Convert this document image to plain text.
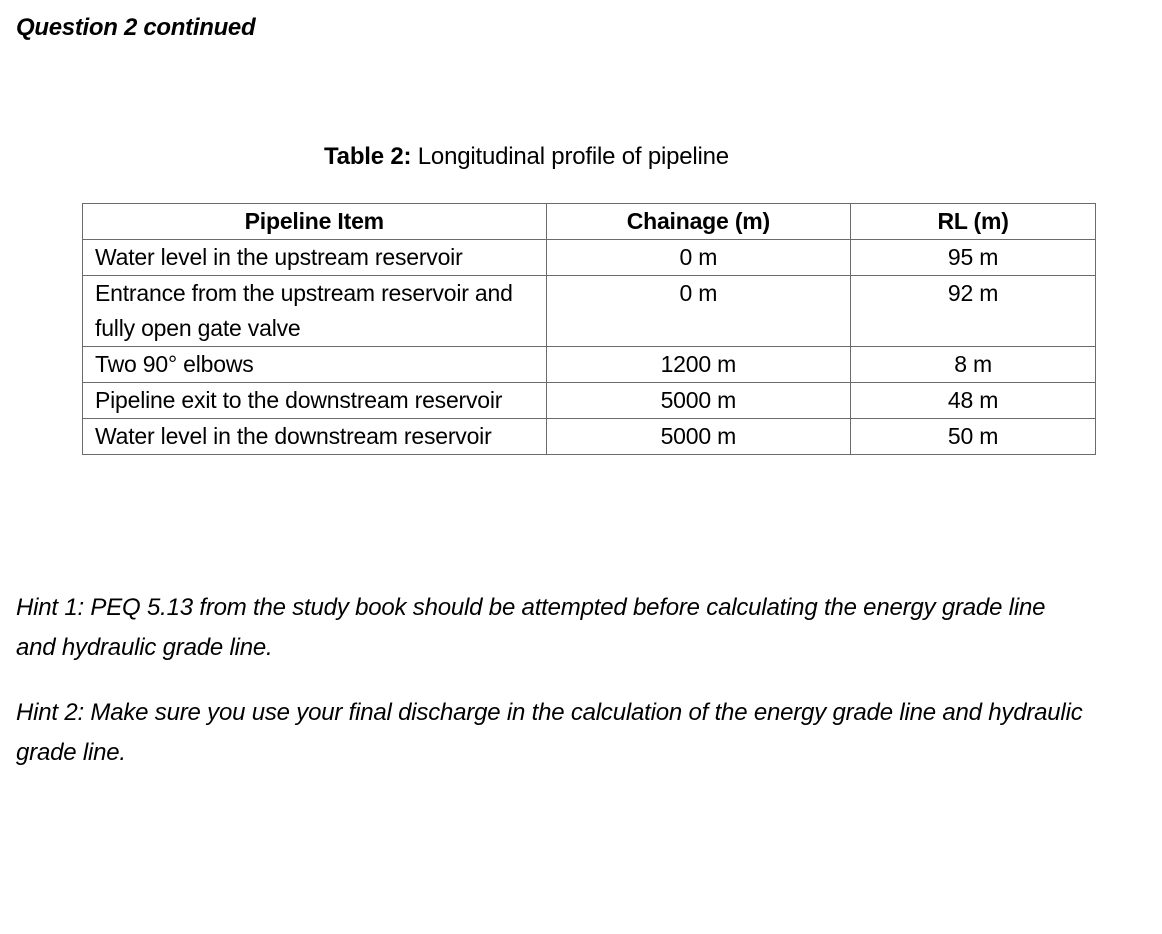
Question 2 continued
Table 2: Longitudinal profile of pipeline
Pipeline Item	Chainage (m)	RL (m)
Water level in the upstream reservoir	0 m	95 m
Entrance from the upstream reservoir and fully open gate valve	0 m	92 m
Two 90° elbows	1200 m	8 m
Pipeline exit to the downstream reservoir	5000 m	48 m
Water level in the downstream reservoir	5000 m	50 m
Hint 1: PEQ 5.13 from the study book should be attempted before calculating the energy grade line and hydraulic grade line.
Hint 2: Make sure you use your final discharge in the calculation of the energy grade line and hydraulic grade line.
